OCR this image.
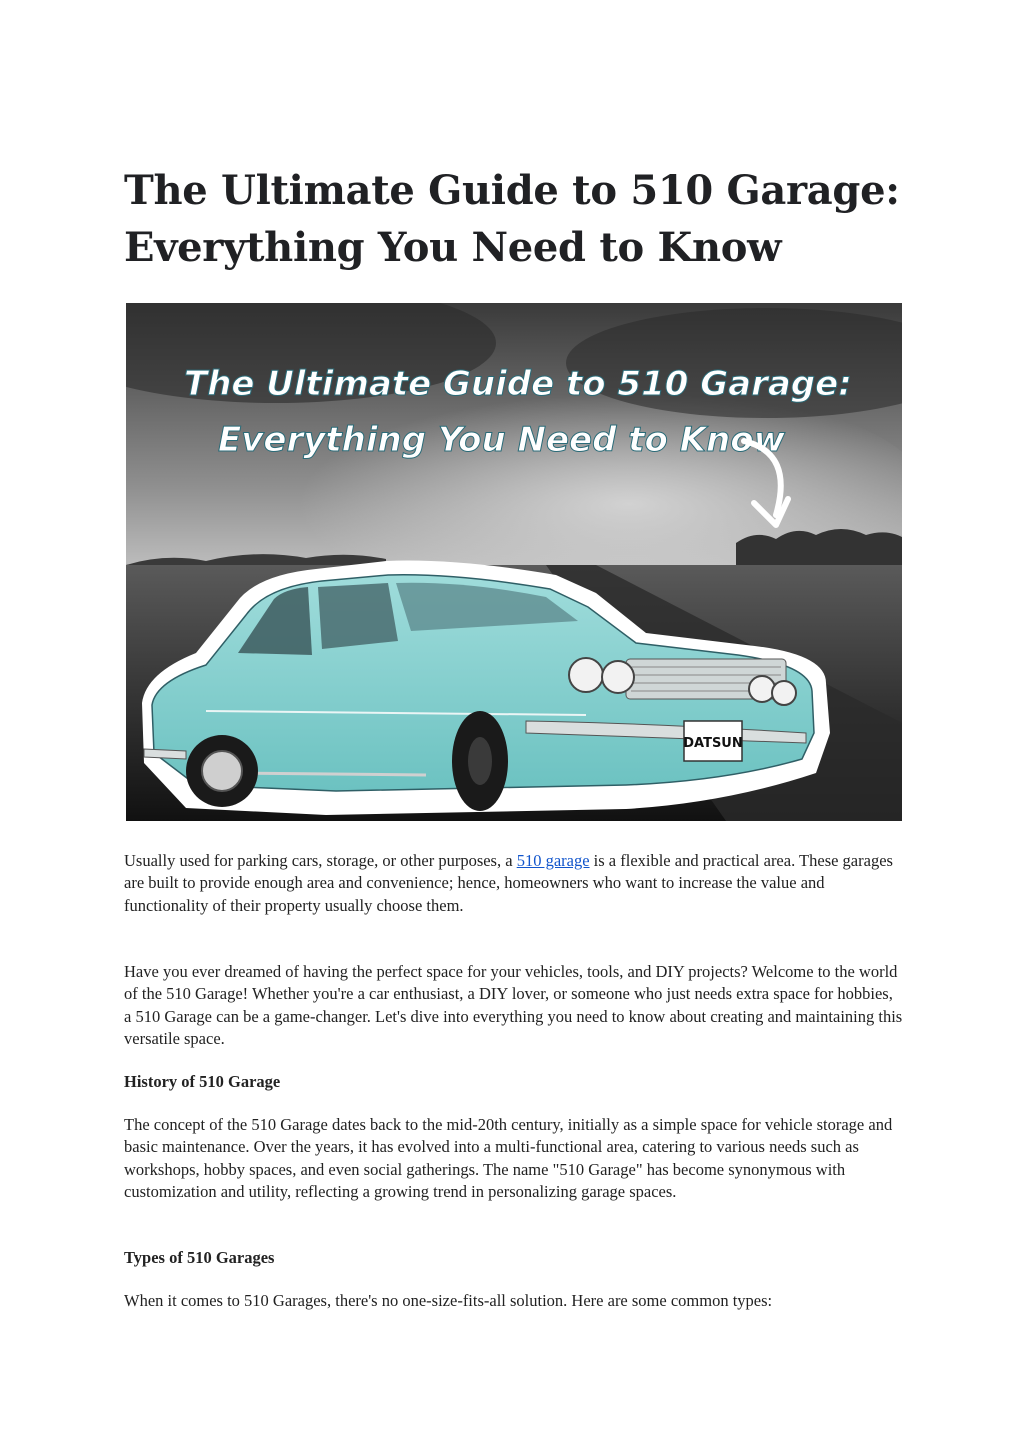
The Ultimate Guide to 510 Garage:
Everything You Need to Know
The Ultimate Guide to 510 Garage:
Everything You Need to Know
DATSUN

Usually used for parking cars, storage, or other purposes, a 510 garage is a flexible and practical area. These garages are built to provide enough area and convenience; hence, homeowners who want to increase the value and functionality of their property usually choose them.

Have you ever dreamed of having the perfect space for your vehicles, tools, and DIY projects? Welcome to the world of the 510 Garage! Whether you're a car enthusiast, a DIY lover, or someone who just needs extra space for hobbies, a 510 Garage can be a game-changer. Let's dive into everything you need to know about creating and maintaining this versatile space.

History of 510 Garage

The concept of the 510 Garage dates back to the mid-20th century, initially as a simple space for vehicle storage and basic maintenance. Over the years, it has evolved into a multi-functional area, catering to various needs such as workshops, hobby spaces, and even social gatherings. The name "510 Garage" has become synonymous with customization and utility, reflecting a growing trend in personalizing garage spaces.

Types of 510 Garages

When it comes to 510 Garages, there's no one-size-fits-all solution. Here are some common types:
